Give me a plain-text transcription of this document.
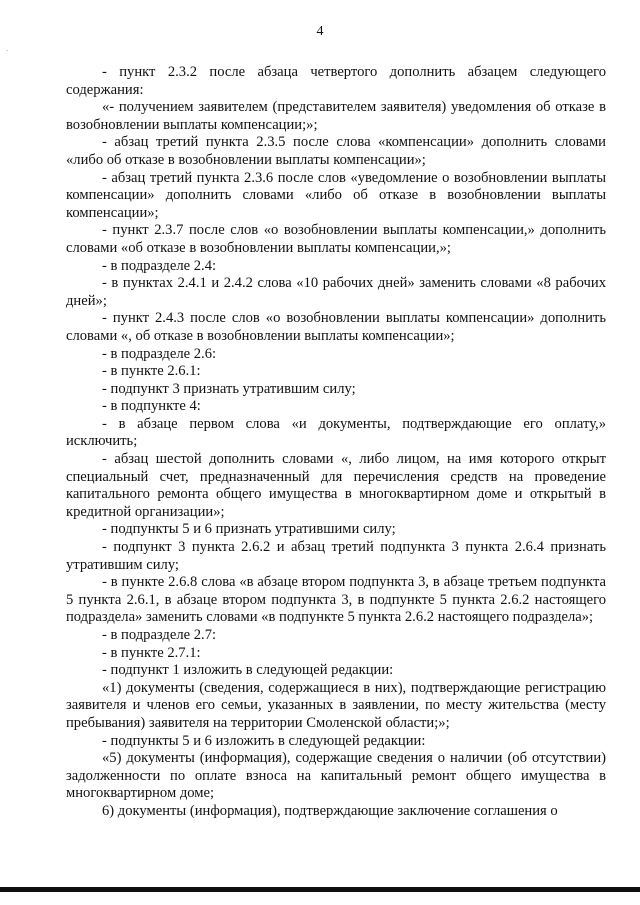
-
4

- пункт 2.3.2 после абзаца четвертого дополнить абзацем следующего содержания:

«- получением заявителем (представителем заявителя) уведомления об отказе в возобновлении выплаты компенсации;»;

- абзац третий пункта 2.3.5 после слова «компенсации» дополнить словами «либо об отказе в возобновлении выплаты компенсации»;

- абзац третий пункта 2.3.6 после слов «уведомление о возобновлении выплаты компенсации» дополнить словами «либо об отказе в возобновлении выплаты компенсации»;

- пункт 2.3.7 после слов «о возобновлении выплаты компенсации,» дополнить словами «об отказе в возобновлении выплаты компенсации,»;

- в подразделе 2.4:

- в пунктах 2.4.1 и 2.4.2 слова «10 рабочих дней» заменить словами «8 рабочих дней»;

- пункт 2.4.3 после слов «о возобновлении выплаты компенсации» дополнить словами «, об отказе в возобновлении выплаты компенсации»;

- в подразделе 2.6:

- в пункте 2.6.1:

- подпункт 3 признать утратившим силу;

- в подпункте 4:

- в абзаце первом слова «и документы, подтверждающие его оплату,» исключить;

- абзац шестой дополнить словами «, либо лицом, на имя которого открыт специальный счет, предназначенный для перечисления средств на проведение капитального ремонта общего имущества в многоквартирном доме и открытый в кредитной организации»;

- подпункты 5 и 6 признать утратившими силу;

- подпункт 3 пункта 2.6.2 и абзац третий подпункта 3 пункта 2.6.4 признать утратившим силу;

- в пункте 2.6.8 слова «в абзаце втором подпункта 3, в абзаце третьем подпункта 5 пункта 2.6.1, в абзаце втором подпункта 3, в подпункте 5 пункта 2.6.2 настоящего подраздела» заменить словами «в подпункте 5 пункта 2.6.2 настоящего подраздела»;

- в подразделе 2.7:

- в пункте 2.7.1:

- подпункт 1 изложить в следующей редакции:

«1) документы (сведения, содержащиеся в них), подтверждающие регистрацию заявителя и членов его семьи, указанных в заявлении, по месту жительства (месту пребывания) заявителя на территории Смоленской области;»;

- подпункты 5 и 6 изложить в следующей редакции:

«5) документы (информация), содержащие сведения о наличии (об отсутствии) задолженности по оплате взноса на капитальный ремонт общего имущества в многоквартирном доме;

6) документы (информация), подтверждающие заключение соглашения о
